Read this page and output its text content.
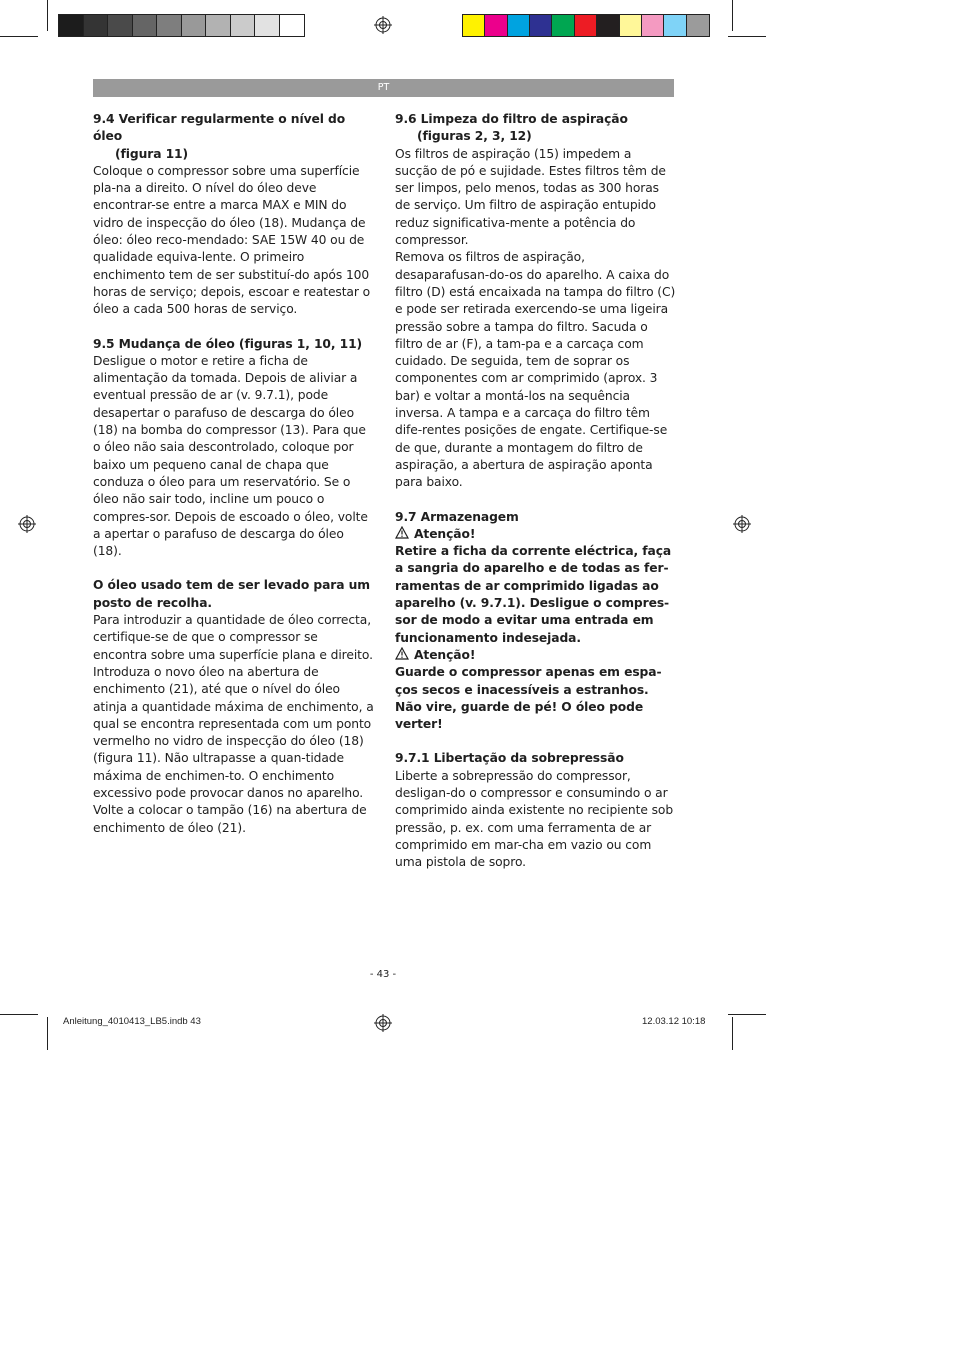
PT
9.4 Verificar regularmente o nível do óleo
(figura 11)

Coloque o compressor sobre uma superfície pla-na a direito. O nível do óleo deve encontrar-se entre a marca MAX e MIN do vidro de inspecção do óleo (18). Mudança de óleo: óleo reco-mendado: SAE 15W 40 ou de qualidade equiva-lente. O primeiro enchimento tem de ser substituí-do após 100 horas de serviço; depois, escoar e reatestar o óleo a cada 500 horas de serviço.

9.5 Mudança de óleo (figuras 1, 10, 11)

Desligue o motor e retire a ficha de alimentação da tomada. Depois de aliviar a eventual pressão de ar (v. 9.7.1), pode desapertar o parafuso de descarga do óleo (18) na bomba do compressor (13). Para que o óleo não saia descontrolado, coloque por baixo um pequeno canal de chapa que conduza o óleo para um reservatório. Se o óleo não sair todo, incline um pouco o compres-sor. Depois de escoado o óleo, volte a apertar o parafuso de descarga do óleo (18).

O óleo usado tem de ser levado para um posto de recolha.

Para introduzir a quantidade de óleo correcta, certifique-se de que o compressor se encontra sobre uma superfície plana e direito. Introduza o novo óleo na abertura de enchimento (21), até que o nível do óleo atinja a quantidade máxima de enchimento, a qual se encontra representada com um ponto vermelho no vidro de inspecção do óleo (18) (figura 11). Não ultrapasse a quan-tidade máxima de enchimen-to. O enchimento excessivo pode provocar danos no aparelho. Volte a colocar o tampão (16) na abertura de enchimento de óleo (21).

9.6 Limpeza do filtro de aspiração
(figuras 2, 3, 12)

Os filtros de aspiração (15) impedem a sucção de pó e sujidade. Estes filtros têm de ser limpos, pelo menos, todas as 300 horas de serviço. Um filtro de aspiração entupido reduz significativa-mente a potência do compressor.

Remova os filtros de aspiração, desaparafusan-do-os do aparelho. A caixa do filtro (D) está encaixada na tampa do filtro (C) e pode ser retirada exercendo-se uma ligeira pressão sobre a tampa do filtro. Sacuda o filtro de ar (F), a tam-pa e a carcaça com cuidado. De seguida, tem de soprar os componentes com ar comprimido (aprox. 3 bar) e voltar a montá-los na sequência inversa. A tampa e a carcaça do filtro têm dife-rentes posições de engate. Certifique-se de que, durante a montagem do filtro de aspiração, a abertura de aspiração aponta para baixo.

9.7 Armazenagem

Atenção!

Retire a ficha da corrente eléctrica, faça a sangria do aparelho e de todas as fer-ramentas de ar comprimido ligadas ao aparelho (v. 9.7.1). Desligue o compres-sor de modo a evitar uma entrada em funcionamento indesejada.

Atenção!

Guarde o compressor apenas em espa-ços secos e inacessíveis a estranhos. Não vire, guarde de pé! O óleo pode verter!

9.7.1 Libertação da sobrepressão

Liberte a sobrepressão do compressor, desligan-do o compressor e consumindo o ar comprimido ainda existente no recipiente sob pressão, p. ex. com uma ferramenta de ar comprimido em mar-cha em vazio ou com uma pistola de sopro.

- 43 -
Anleitung_4010413_LB5.indb 43	12.03.12 10:18
